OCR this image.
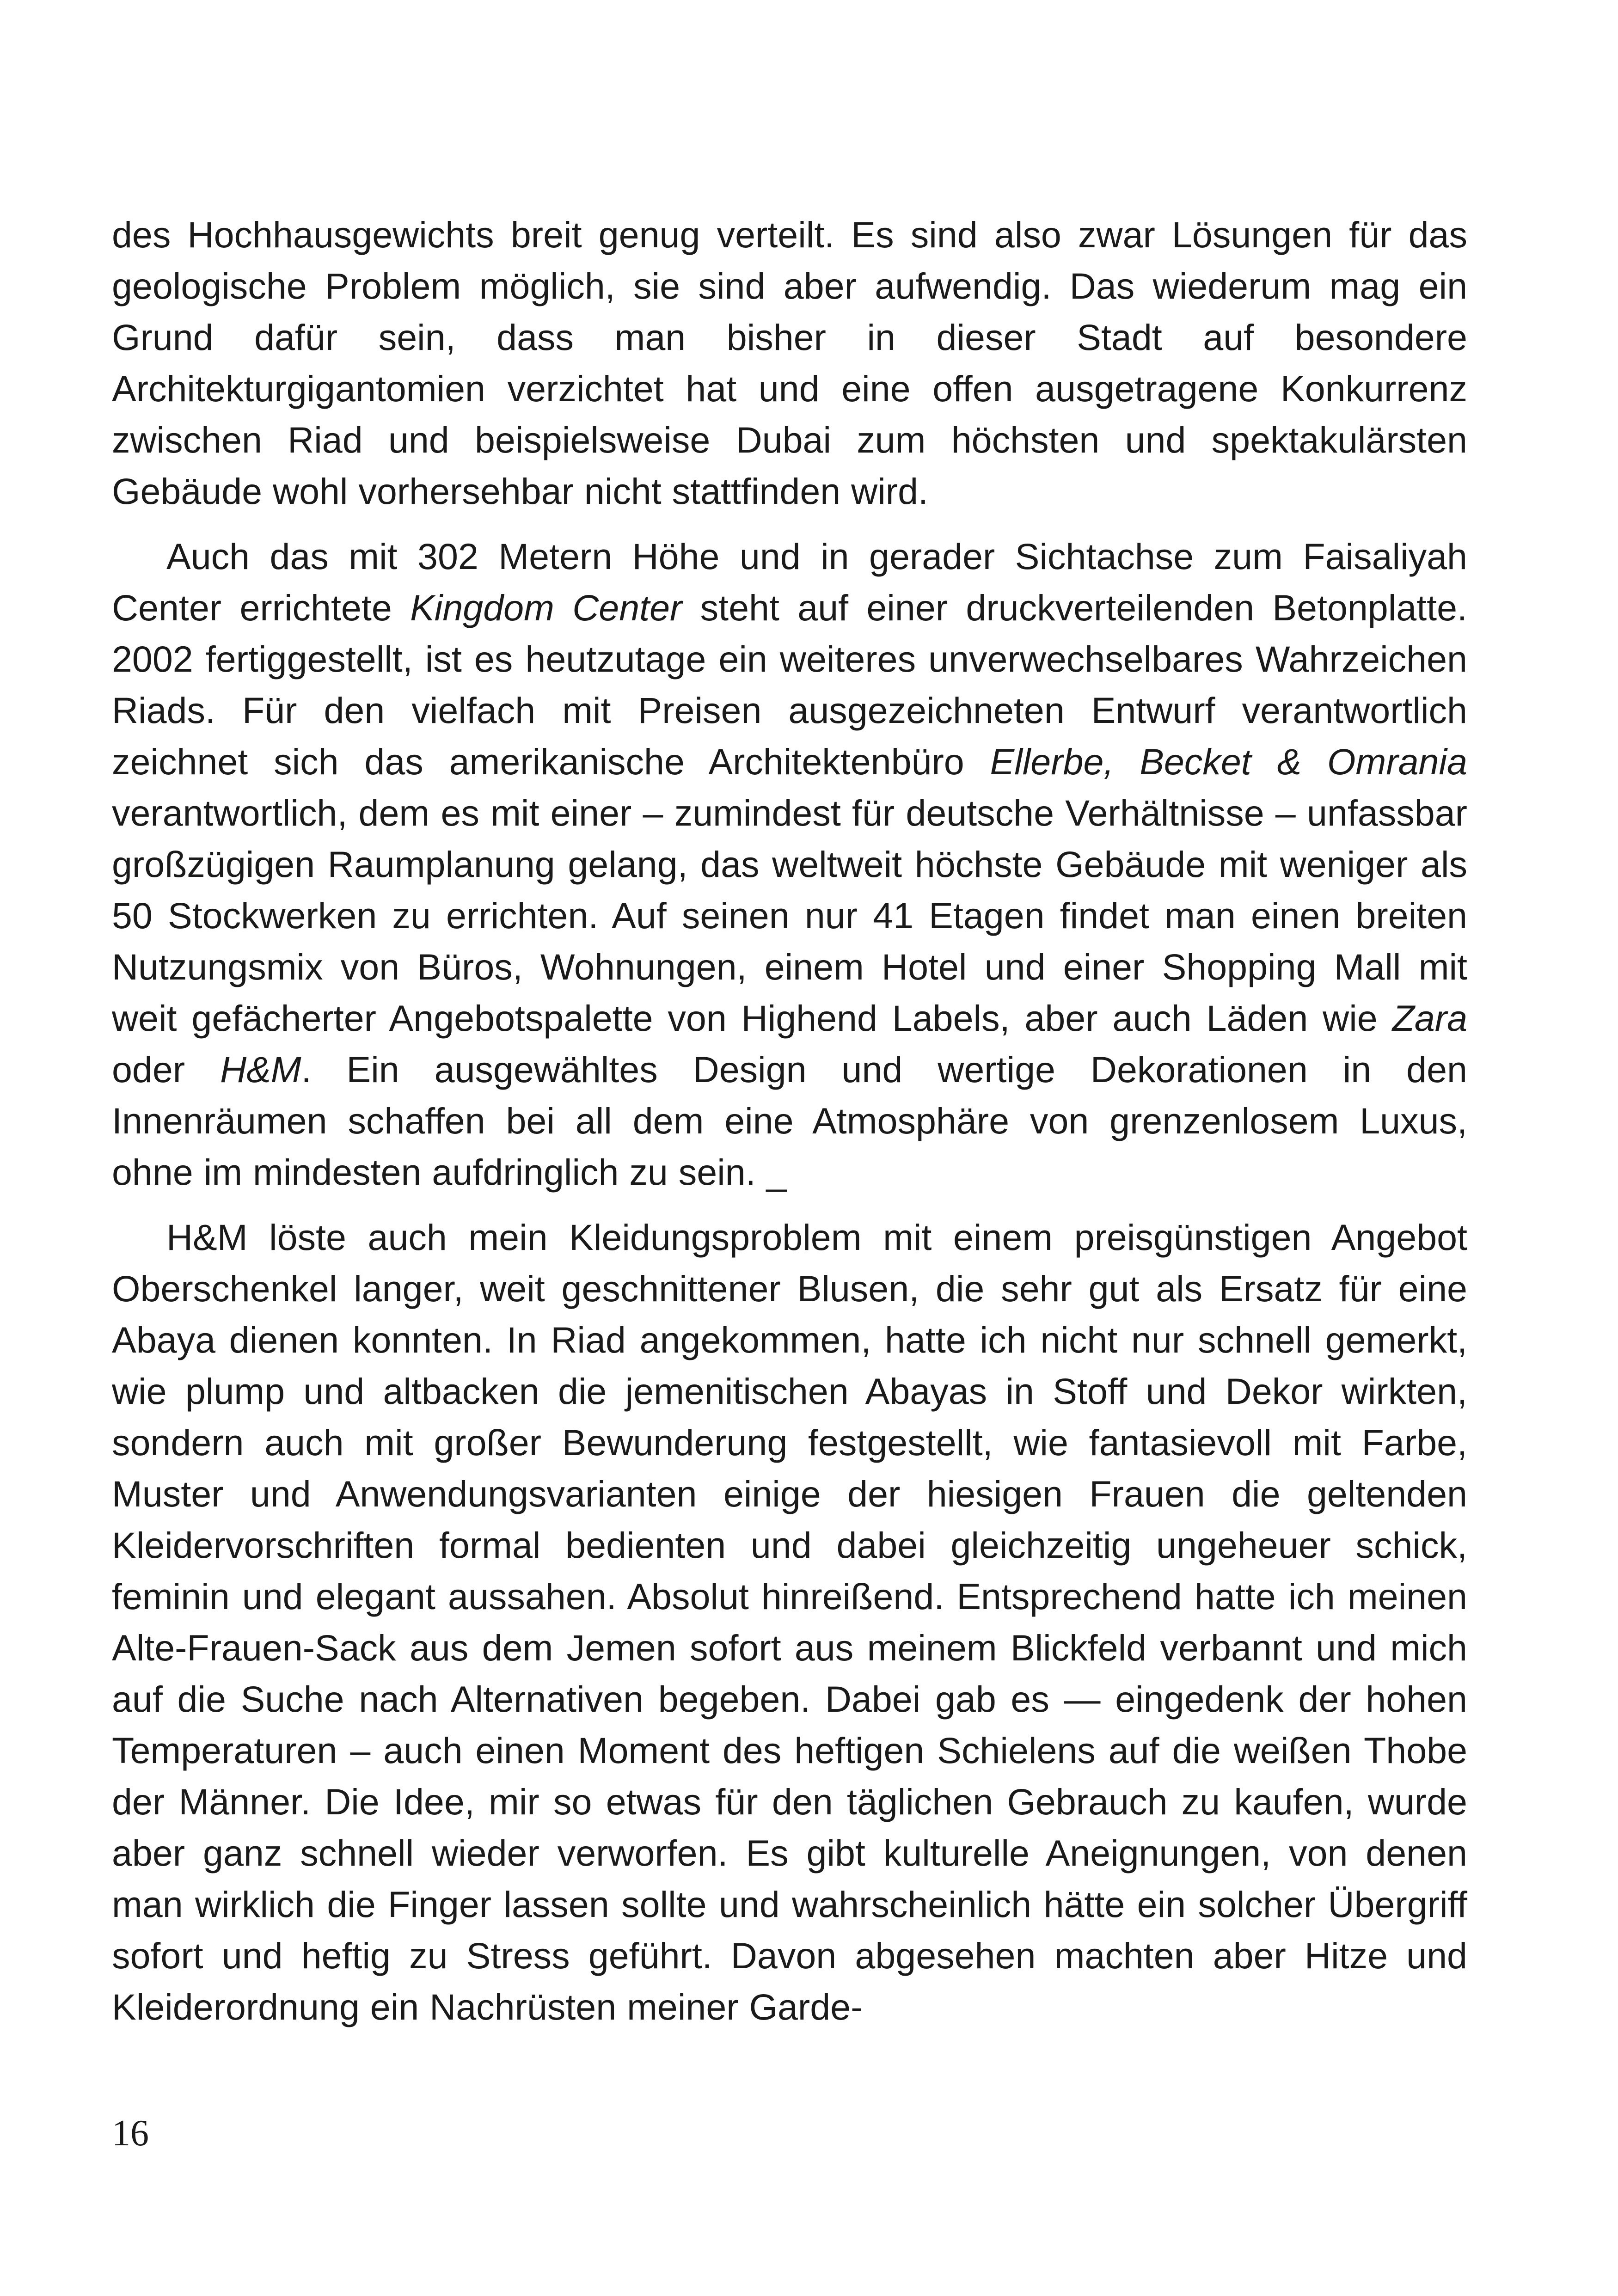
des Hochhausgewichts breit genug verteilt. Es sind also zwar Lösungen für das geologische Problem möglich, sie sind aber aufwendig. Das wiederum mag ein Grund dafür sein, dass man bisher in dieser Stadt auf besondere Architekturgigantomien verzichtet hat und eine offen ausgetragene Konkurrenz zwischen Riad und beispielsweise Dubai zum höchsten und spektakulärsten Gebäude wohl vorhersehbar nicht stattfinden wird.

Auch das mit 302 Metern Höhe und in gerader Sichtachse zum Faisaliyah Center errichtete Kingdom Center steht auf einer druckverteilenden Betonplatte. 2002 fertiggestellt, ist es heutzutage ein weiteres unverwechselbares Wahrzeichen Riads. Für den vielfach mit Preisen ausgezeichneten Entwurf verantwortlich zeichnet sich das amerikanische Architektenbüro Ellerbe, Becket & Omrania verantwortlich, dem es mit einer – zumindest für deutsche Verhältnisse – unfassbar großzügigen Raumplanung gelang, das weltweit höchste Gebäude mit weniger als 50 Stockwerken zu errichten. Auf seinen nur 41 Etagen findet man einen breiten Nutzungsmix von Büros, Wohnungen, einem Hotel und einer Shopping Mall mit weit gefächerter Angebotspalette von Highend Labels, aber auch Läden wie Zara oder H&M. Ein ausgewähltes Design und wertige Dekorationen in den Innenräumen schaffen bei all dem eine Atmosphäre von grenzenlosem Luxus, ohne im mindesten aufdringlich zu sein. _

H&M löste auch mein Kleidungsproblem mit einem preisgünstigen Angebot Oberschenkel langer, weit geschnittener Blusen, die sehr gut als Ersatz für eine Abaya dienen konnten. In Riad angekommen, hatte ich nicht nur schnell gemerkt, wie plump und altbacken die jemenitischen Abayas in Stoff und Dekor wirkten, sondern auch mit großer Bewunderung festgestellt, wie fantasievoll mit Farbe, Muster und Anwendungsvarianten einige der hiesigen Frauen die geltenden Kleidervorschriften formal bedienten und dabei gleichzeitig ungeheuer schick, feminin und elegant aussahen. Absolut hinreißend. Entsprechend hatte ich meinen Alte-Frauen-Sack aus dem Jemen sofort aus meinem Blickfeld verbannt und mich auf die Suche nach Alternativen begeben. Dabei gab es — eingedenk der hohen Temperaturen – auch einen Moment des heftigen Schielens auf die weißen Thobe der Männer. Die Idee, mir so etwas für den täglichen Gebrauch zu kaufen, wurde aber ganz schnell wieder verworfen. Es gibt kulturelle Aneignungen, von denen man wirklich die Finger lassen sollte und wahrscheinlich hätte ein solcher Übergriff sofort und heftig zu Stress geführt. Davon abgesehen machten aber Hitze und Kleiderordnung ein Nachrüsten meiner Garde-

16
